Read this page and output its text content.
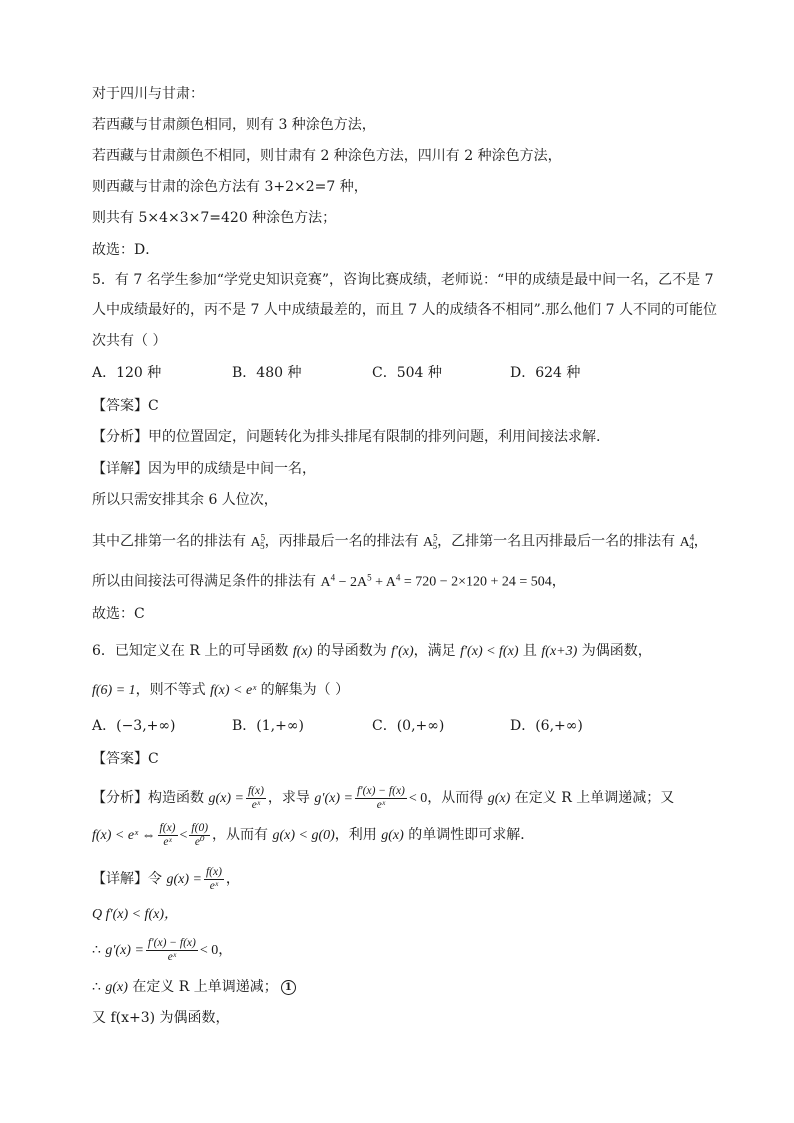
对于四川与甘肃：
若西藏与甘肃颜色相同，则有 3 种涂色方法，
若西藏与甘肃颜色不相同，则甘肃有 2 种涂色方法，四川有 2 种涂色方法，
则西藏与甘肃的涂色方法有 3+2×2=7 种，
则共有 5×4×3×7=420 种涂色方法；
故选：D．
5．有 7 名学生参加“学党史知识竞赛”，咨询比赛成绩，老师说：“甲的成绩是最中间一名，乙不是 7
人中成绩最好的，丙不是 7 人中成绩最差的，而且 7 人的成绩各不相同”.那么他们 7 人不同的可能位
次共有（ ）
A．120 种	B．480 种	C．504 种	D．624 种
【答案】C
【分析】甲的位置固定，问题转化为排头排尾有限制的排列问题，利用间接法求解.
【详解】因为甲的成绩是中间一名，
所以只需安排其余 6 人位次，
其中乙排第一名的排法有 $A^5_5$，丙排最后一名的排法有 $A^5_5$，乙排第一名且丙排最后一名的排法有 $A^4_4$，
所以由间接法可得满足条件的排法有 $A^4 - 2A^5 + A^4 = 720 - 2\times 120 + 24 = 504$，
故选：C
6．已知定义在 R 上的可导函数 f(x) 的导函数为 f′(x)，满足 f′(x) < f(x) 且 f(x+3) 为偶函数，
f(6) = 1，则不等式 f(x) < eˣ 的解集为（ ）
A．(−3,+∞)	B．(1,+∞)	C．(0,+∞)	D．(6,+∞)
【答案】C
【分析】构造函数 $g(x) = \frac{f(x)}{\text{eˣ}}$ ，求导 $g'(x) = \frac{f'(x) - f(x)}{\text{eˣ}} < 0$，从而得 g(x) 在定义 R 上单调递减；又
f(x) < eˣ ⇔ $\frac{f(x)}{\text{eˣ}} < \frac{f(0)}{\text{e⁰}}$ ，从而有 g(x) < g(0)，利用 g(x) 的单调性即可求解．
【详解】令 $g(x) = \frac{f(x)}{\text{eˣ}}$ ，
Q f′(x) < f(x)，
∴ $g'(x) = \frac{f'(x) - f(x)}{\text{eˣ}} < 0$，
∴ g(x) 在定义 R 上单调递减； 1
又 f(x+3) 为偶函数，
